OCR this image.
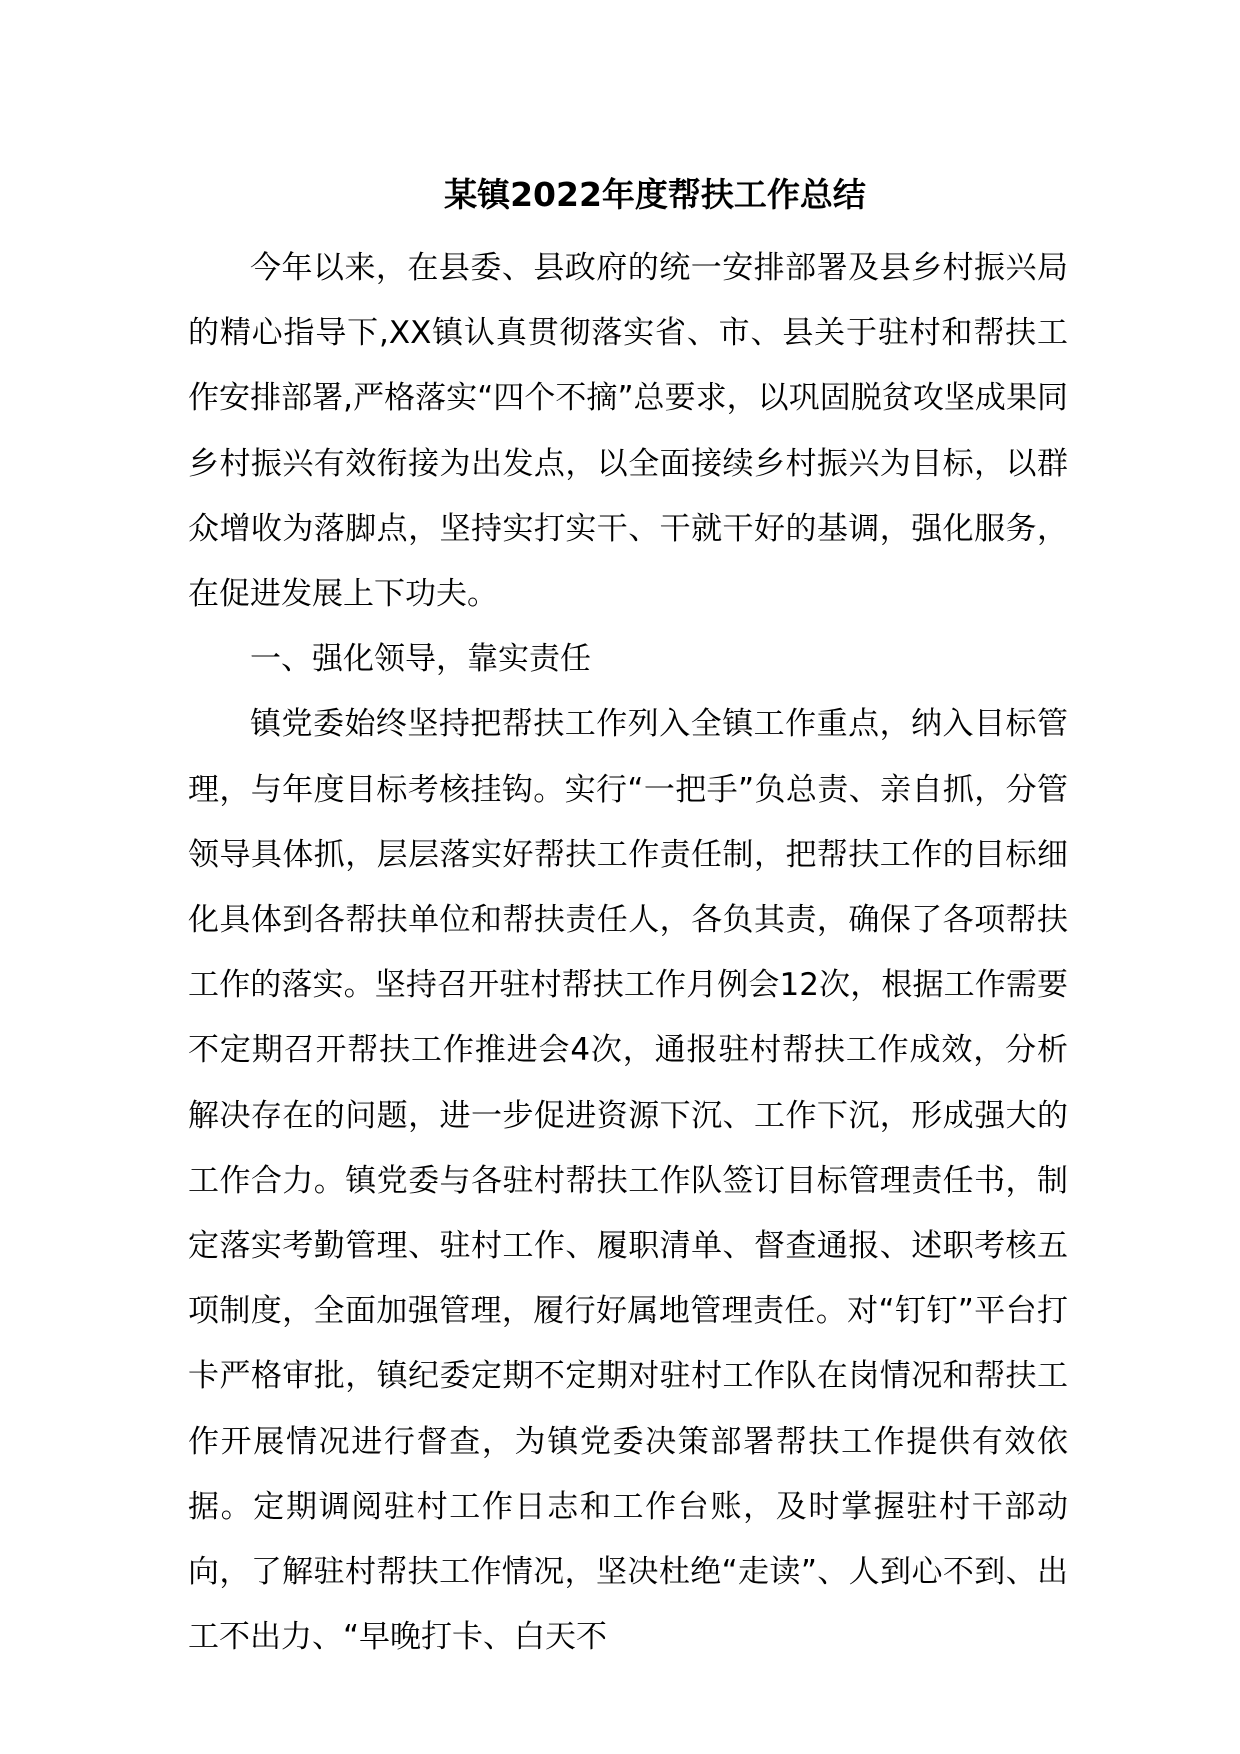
某镇2022年度帮扶工作总结

今年以来，在县委、县政府的统一安排部署及县乡村振兴局的精心指导下,XX镇认真贯彻落实省、市、县关于驻村和帮扶工作安排部署,严格落实“四个不摘”总要求，以巩固脱贫攻坚成果同乡村振兴有效衔接为出发点，以全面接续乡村振兴为目标，以群众增收为落脚点，坚持实打实干、干就干好的基调，强化服务，在促进发展上下功夫。

一、强化领导，靠实责任

镇党委始终坚持把帮扶工作列入全镇工作重点，纳入目标管理，与年度目标考核挂钩。实行“一把手”负总责、亲自抓，分管领导具体抓，层层落实好帮扶工作责任制，把帮扶工作的目标细化具体到各帮扶单位和帮扶责任人，各负其责，确保了各项帮扶工作的落实。坚持召开驻村帮扶工作月例会12次，根据工作需要不定期召开帮扶工作推进会4次，通报驻村帮扶工作成效，分析解决存在的问题，进一步促进资源下沉、工作下沉，形成强大的工作合力。镇党委与各驻村帮扶工作队签订目标管理责任书，制定落实考勤管理、驻村工作、履职清单、督查通报、述职考核五项制度，全面加强管理，履行好属地管理责任。对“钉钉”平台打卡严格审批，镇纪委定期不定期对驻村工作队在岗情况和帮扶工作开展情况进行督查，为镇党委决策部署帮扶工作提供有效依据。定期调阅驻村工作日志和工作台账，及时掌握驻村干部动向，了解驻村帮扶工作情况，坚决杜绝“走读”、人到心不到、出工不出力、“早晚打卡、白天不
